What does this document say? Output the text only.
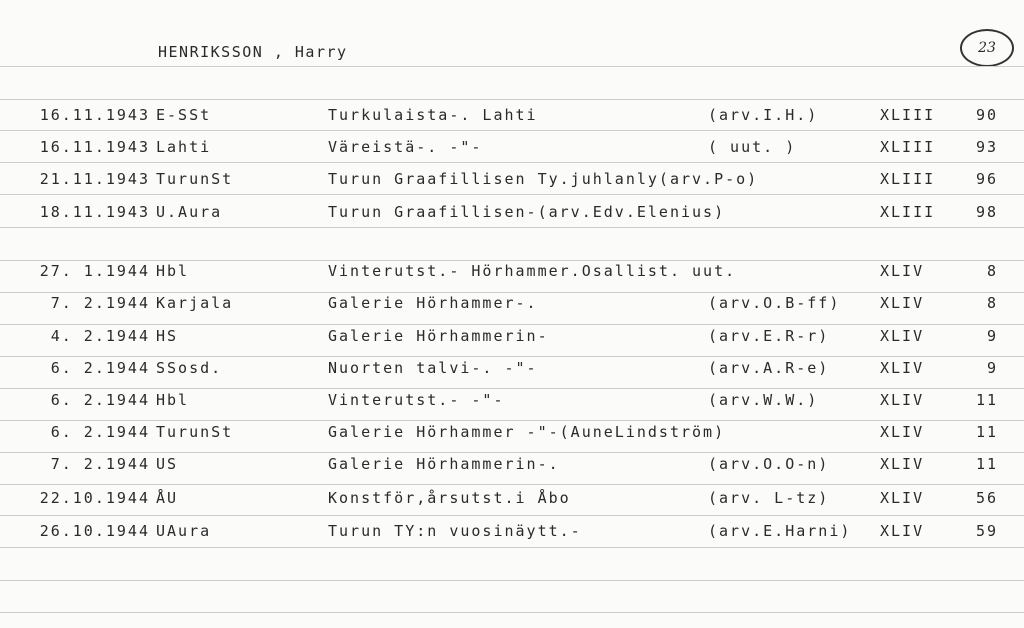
HENRIKSSON , Harry	23
16.11.1943 E-SSt	Turkulaista-. Lahti	(arv.I.H.)	XLIII	90
16.11.1943 Lahti	Väreistä-. -"-	( uut. )	XLIII	93
21.11.1943 TurunSt	Turun Graafillisen Ty.juhlanly(arv.P-o)	XLIII	96
18.11.1943 U.Aura	Turun Graafillisen-(arv.Edv.Elenius)	XLIII	98
27. 1.1944 Hbl	Vinterutst.- Hörhammer.Osallist. uut.	XLIV	8
7. 2.1944 Karjala	Galerie Hörhammer-.	(arv.O.B-ff)	XLIV	8
4. 2.1944 HS	Galerie Hörhammerin-	(arv.E.R-r)	XLIV	9
6. 2.1944 SSosd.	Nuorten talvi-. -"-	(arv.A.R-e)	XLIV	9
6. 2.1944 Hbl	Vinterutst.- -"-	(arv.W.W.)	XLIV	11
6. 2.1944 TurunSt	Galerie Hörhammer -"-(AuneLindström)	XLIV	11
7. 2.1944 US	Galerie Hörhammerin-.	(arv.O.O-n)	XLIV	11
22.10.1944 ÅU	Konstför,årsutst.i Åbo	(arv. L-tz)	XLIV	56
26.10.1944 UAura	Turun TY:n vuosinäytt.-	(arv.E.Harni) XLIV	59
